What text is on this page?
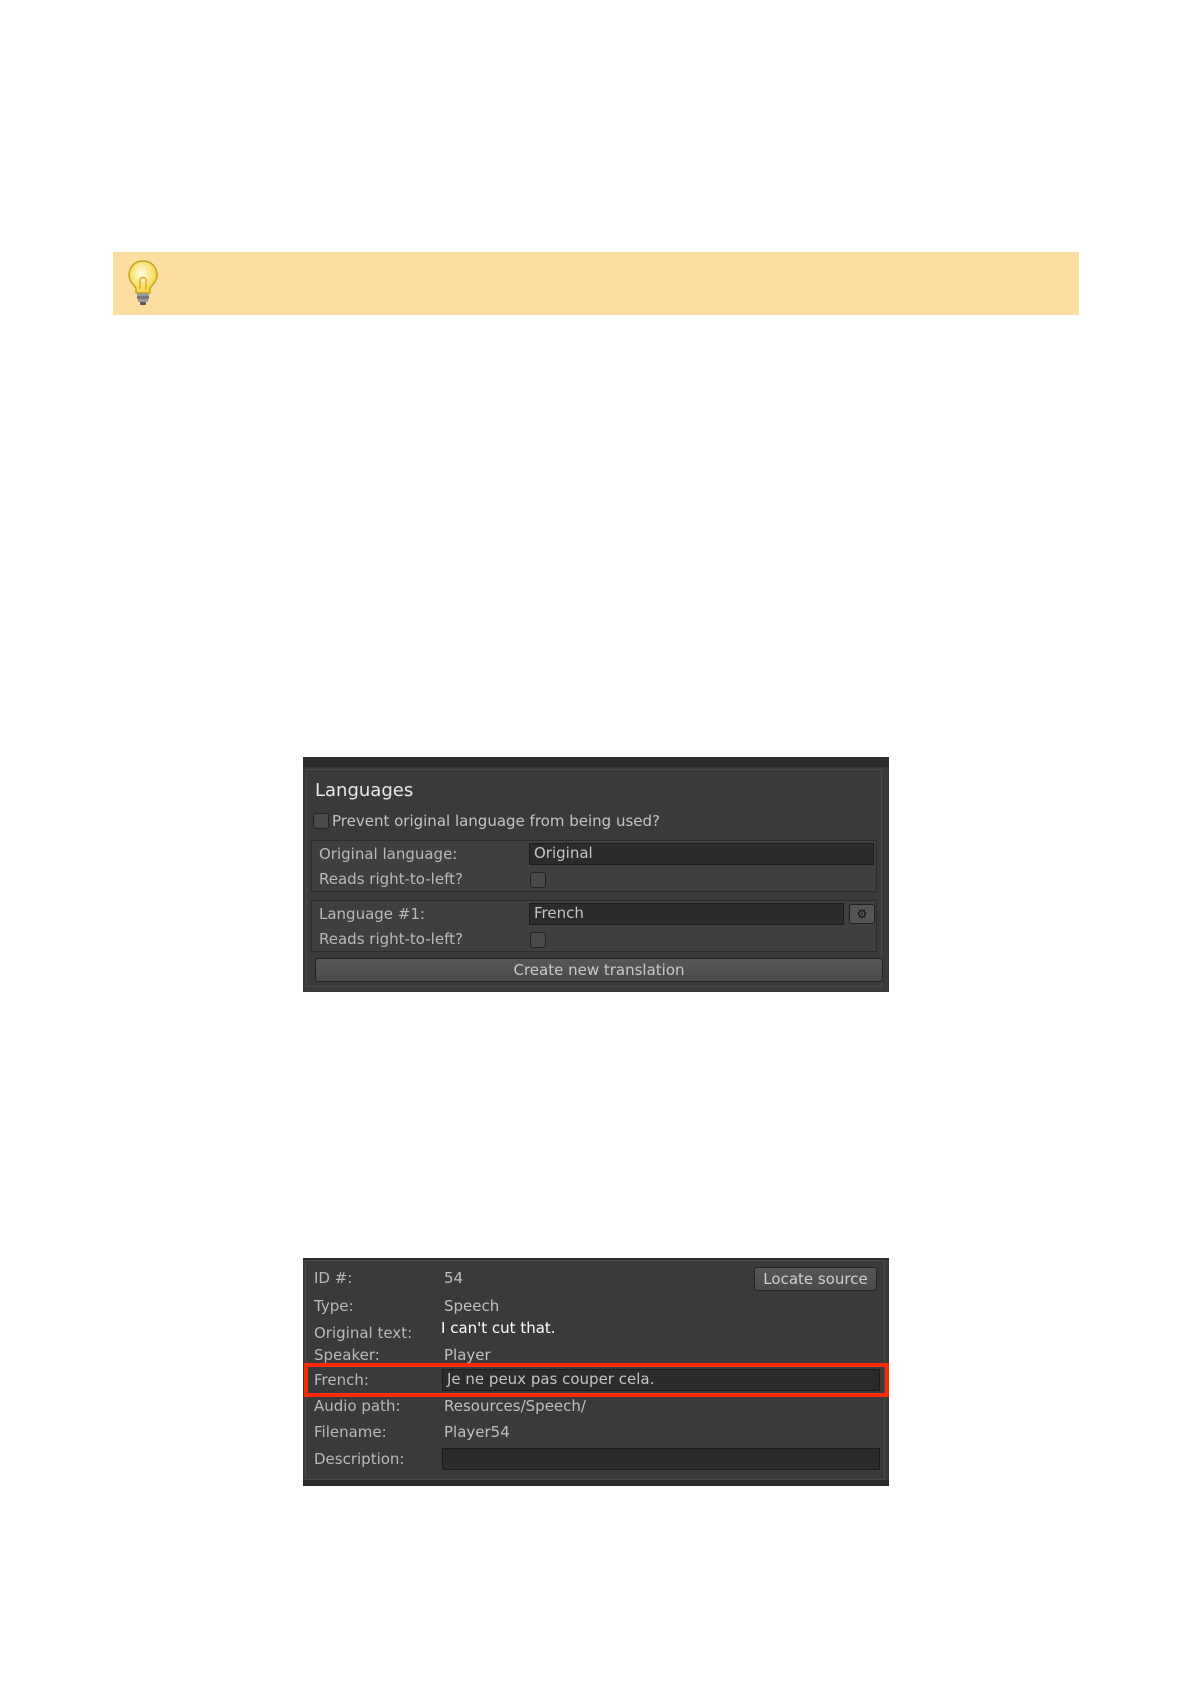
Languages
Prevent original language from being used?
Original language:	Original
Reads right-to-left?
Language #1:	French	⚙
Reads right-to-left?
Create new translation
ID #:	54	Locate source
Type:	Speech
Original text: I can't cut that.
Speaker:	Player
French:	Je ne peux pas couper cela.
Audio path:	Resources/Speech/
Filename:	Player54
Description:
